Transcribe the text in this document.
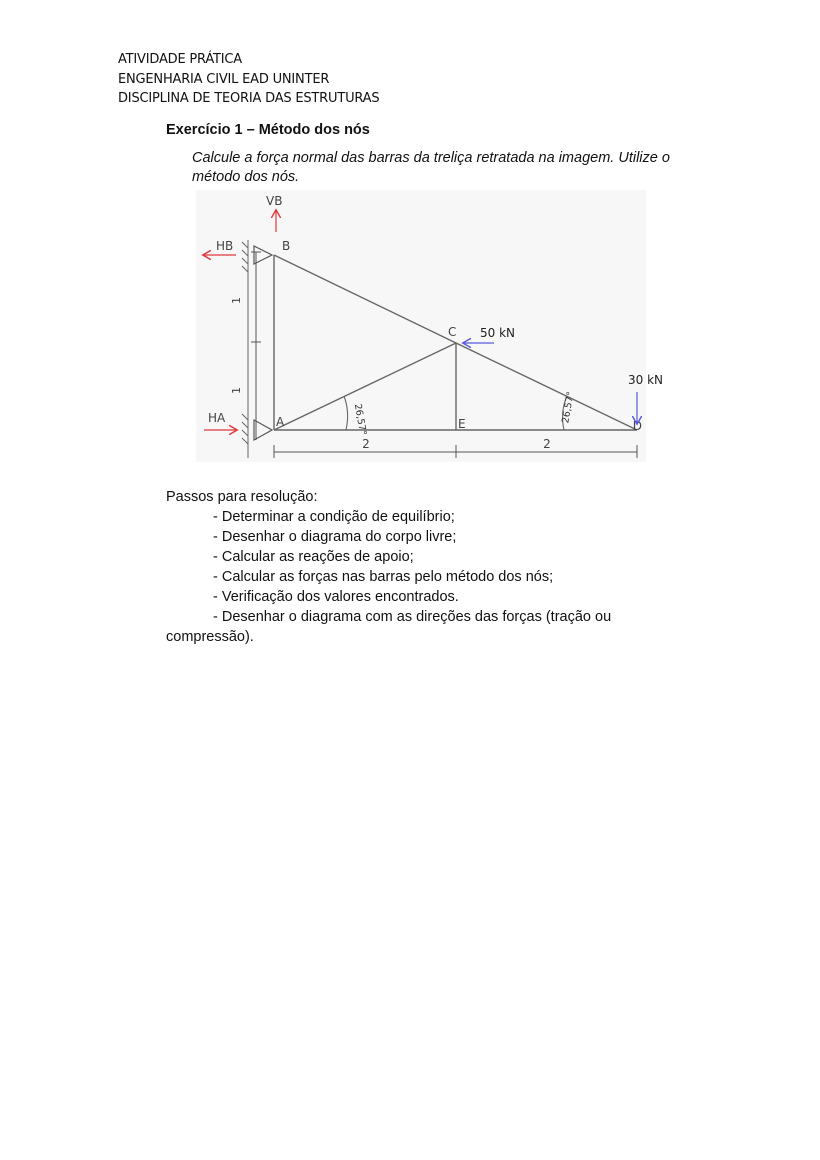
ATIVIDADE PRÁTICA
ENGENHARIA CIVIL EAD UNINTER
DISCIPLINA DE TEORIA DAS ESTRUTURAS
Exercício 1 – Método dos nós
Calcule a força normal das barras da treliça retratada na imagem. Utilize o método dos nós.
1
1
26,57°	26,57°
A
B
C
D
E
2	2
VB
HB
HA
50 kN
30 kN
Passos para resolução:
- Determinar a condição de equilíbrio;
- Desenhar o diagrama do corpo livre;
- Calcular as reações de apoio;
- Calcular as forças nas barras pelo método dos nós;
- Verificação dos valores encontrados.
- Desenhar o diagrama com as direções das forças (tração ou compressão).
